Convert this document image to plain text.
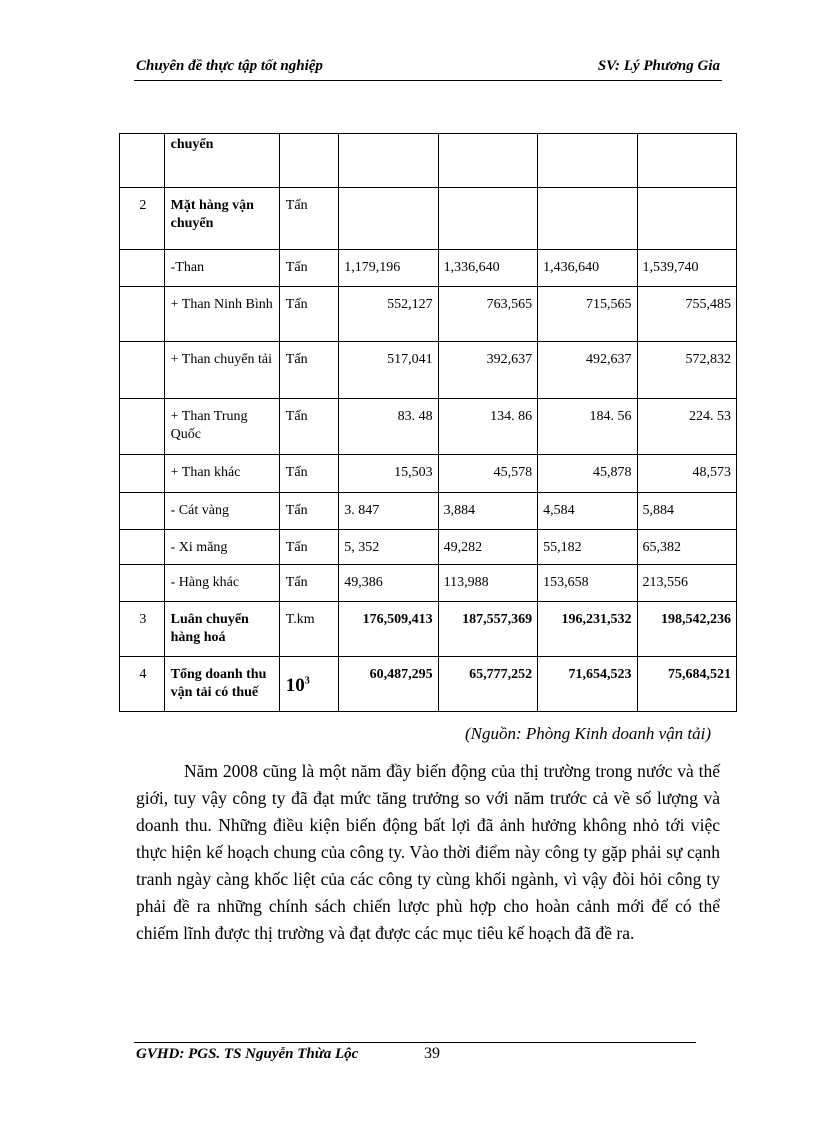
Chuyên đề thực tập tốt nghiệp	SV: Lý Phương Gia
	chuyển					
2	Mặt hàng vận chuyển	Tấn				
	-Than	Tấn	1,179,196	1,336,640	1,436,640	1,539,740
	+ Than Ninh Bình	Tấn	552,127	763,565	715,565	755,485
	+ Than chuyển tải	Tấn	517,041	392,637	492,637	572,832
	+ Than Trung Quốc	Tấn	83. 48	134. 86	184. 56	224. 53
	+ Than khác	Tấn	15,503	45,578	45,878	48,573
	- Cát vàng	Tấn	3. 847	3,884	4,584	5,884
	- Xi măng	Tấn	5, 352	49,282	55,182	65,382
	- Hàng khác	Tấn	49,386	113,988	153,658	213,556
3	Luân chuyển hàng hoá	T.km	176,509,413	187,557,369	196,231,532	198,542,236
4	Tổng doanh thu vận tải có thuế	$10^3$	60,487,295	65,777,252	71,654,523	75,684,521
(Nguồn: Phòng Kinh doanh vận tải)

Năm 2008 cũng là một năm đầy biến động của thị trường trong nước và thế giới, tuy vậy công ty đã đạt mức tăng trưởng so với năm trước cả về số lượng và doanh thu. Những điều kiện biến động bất lợi đã ảnh hưởng không nhỏ tới việc thực hiện kế hoạch chung của công ty. Vào thời điểm này công ty gặp phải sự cạnh tranh ngày càng khốc liệt của các công ty cùng khối ngành, vì vậy đòi hỏi công ty phải đề ra những chính sách chiến lược phù hợp cho hoàn cảnh mới để có thể chiếm lĩnh được thị trường và đạt được các mục tiêu kế hoạch đã đề ra.

GVHD: PGS. TS Nguyễn Thừa Lộc	39
